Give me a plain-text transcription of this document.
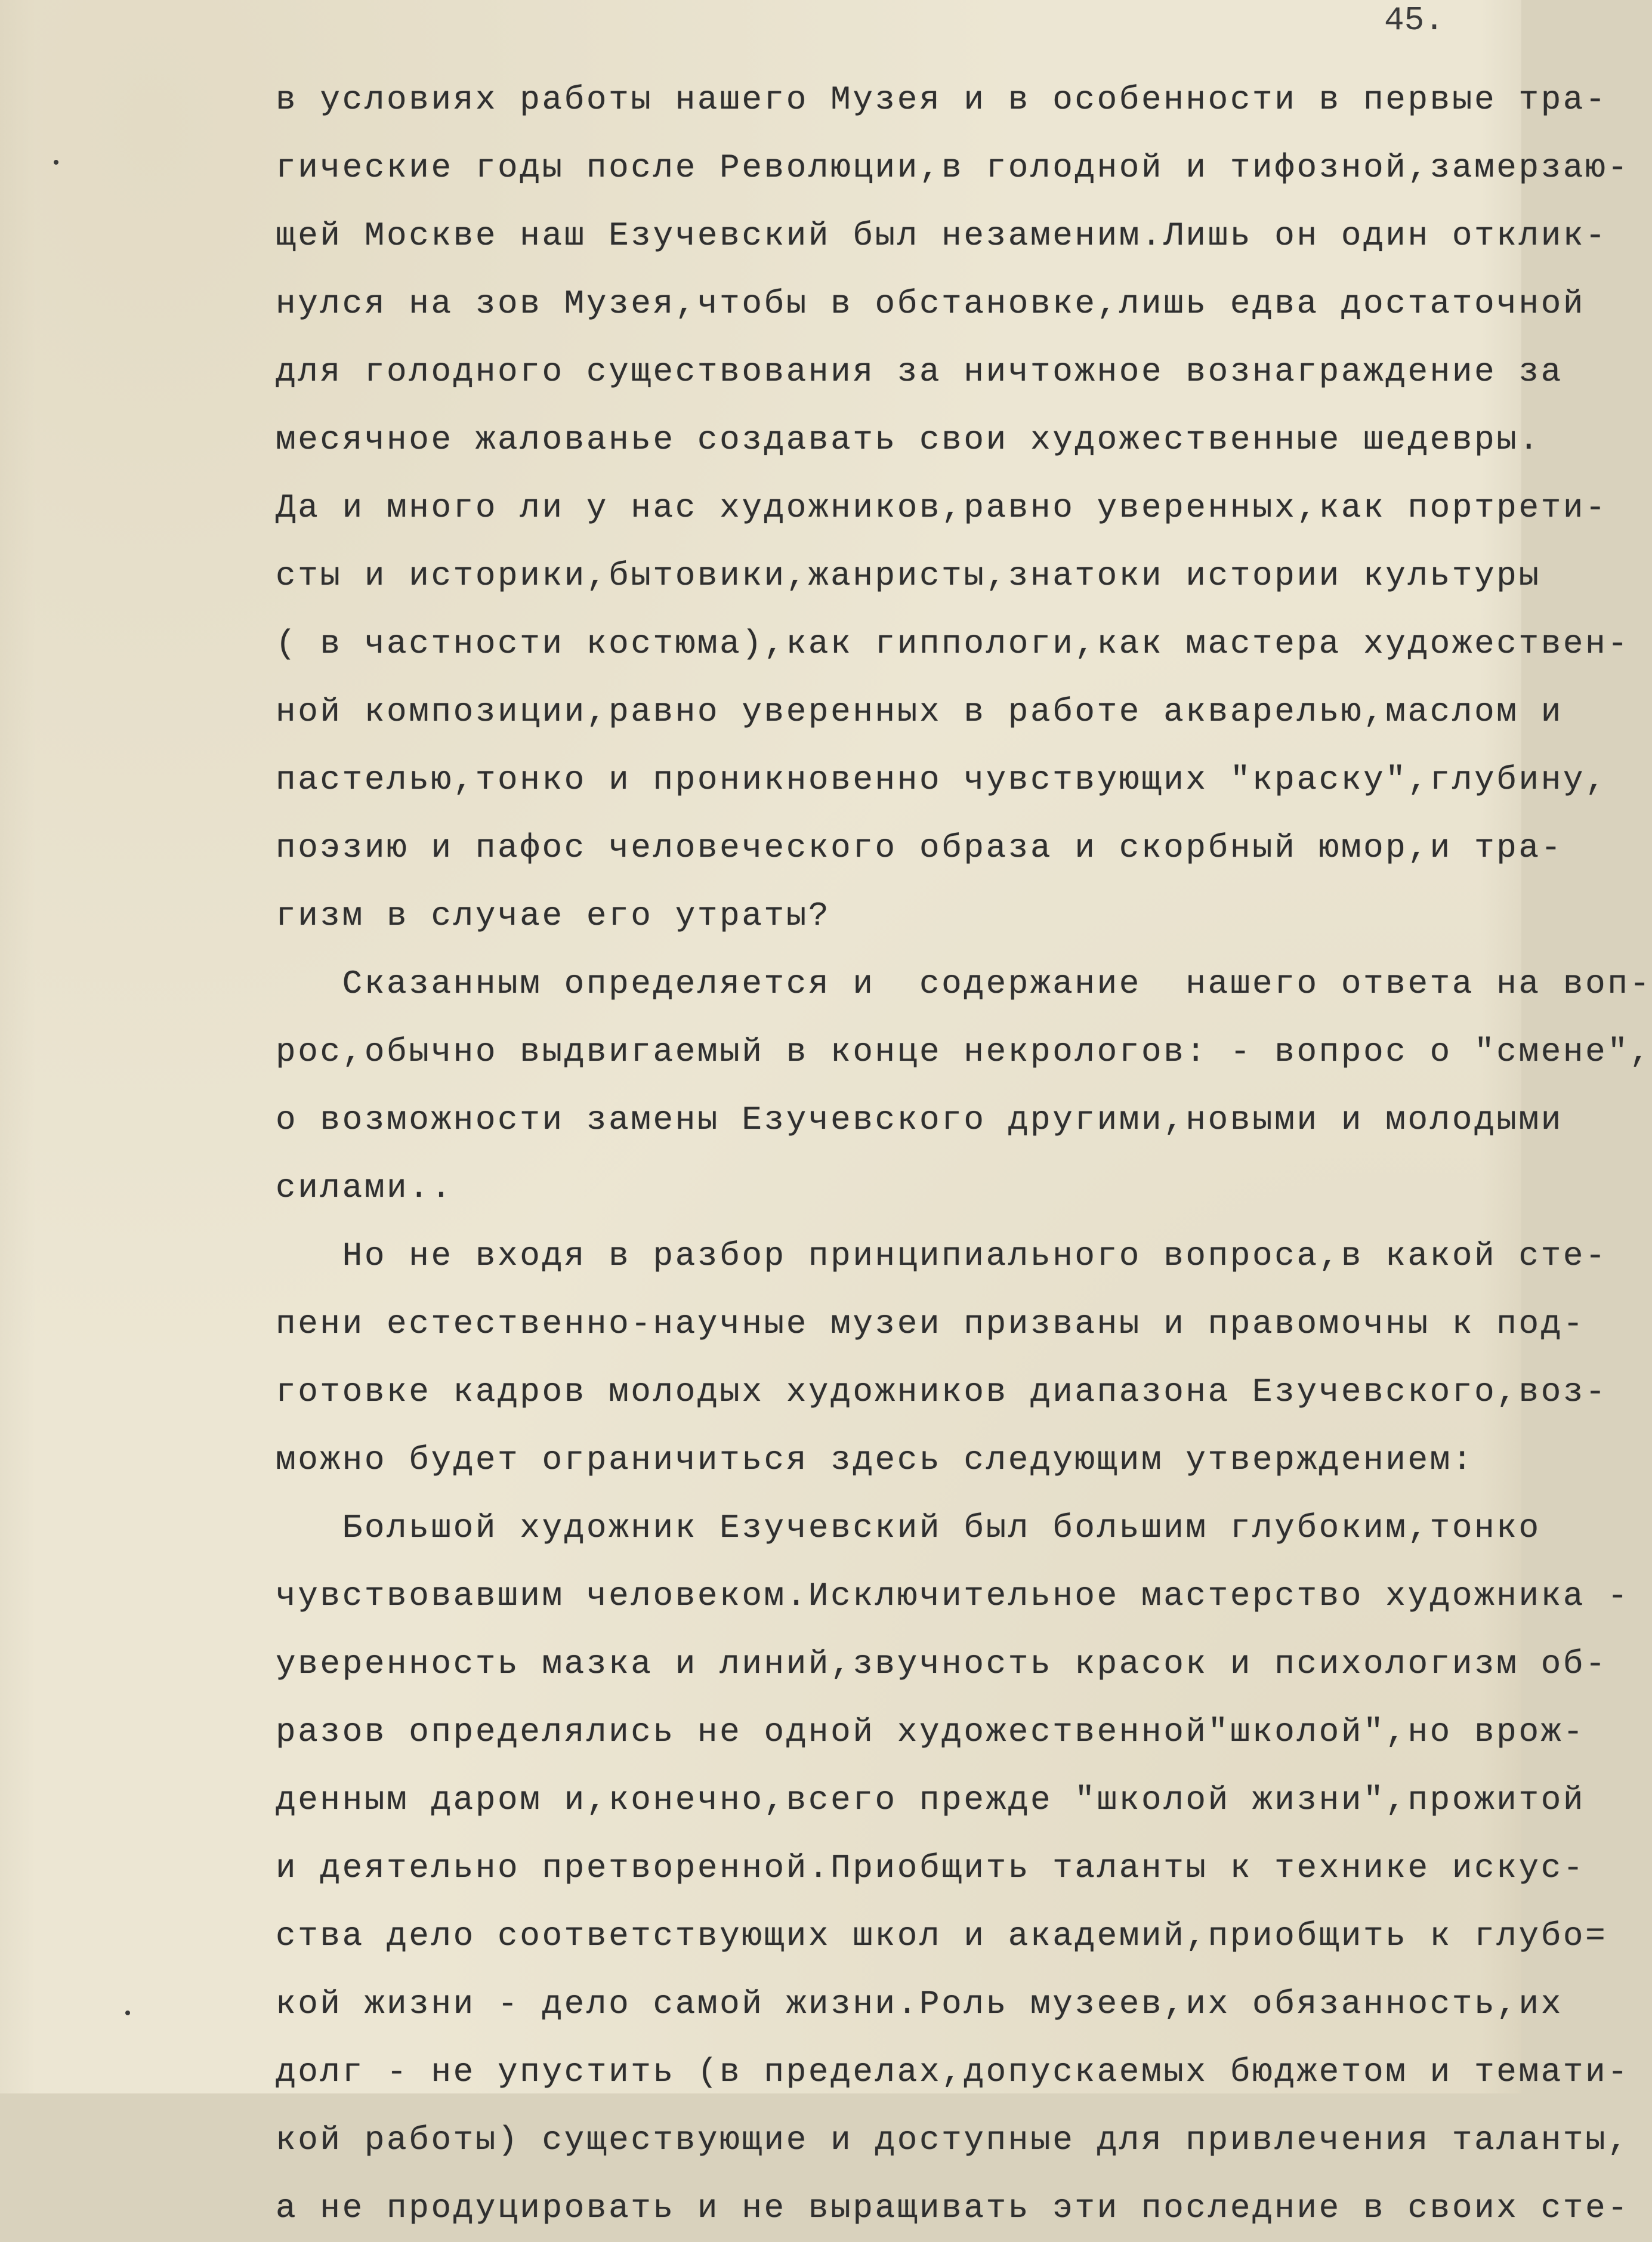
45.
в условиях работы нашего Музея и в особенности в первые тра-
гические годы после Революции,в голодной и тифозной,замерзаю-
щей Москве наш Езучевский был незаменим.Лишь он один отклик-
нулся на зов Музея,чтобы в обстановке,лишь едва достаточной
для голодного существования за ничтожное вознаграждение за
месячное жалованье создавать свои художественные шедевры.
Да и много ли у нас художников,равно уверенных,как портрети-
сты и историки,бытовики,жанристы,знатоки истории культуры
( в частности костюма),как гиппологи,как мастера художествен-
ной композиции,равно уверенных в работе акварелью,маслом и
пастелью,тонко и проникновенно чувствующих "краску",глубину,
поэзию и пафос человеческого образа и скорбный юмор,и тра-
гизм в случае его утраты?
Сказанным определяется и  содержание  нашего ответа на воп-
рос,обычно выдвигаемый в конце некрологов: - вопрос о "смене",
о возможности замены Езучевского другими,новыми и молодыми
силами..
Но не входя в разбор принципиального вопроса,в какой сте-
пени естественно-научные музеи призваны и правомочны к под-
готовке кадров молодых художников диапазона Езучевского,воз-
можно будет ограничиться здесь следующим утверждением:
Большой художник Езучевский был большим глубоким,тонко
чувствовавшим человеком.Исключительное мастерство художника -
уверенность мазка и линий,звучность красок и психологизм об-
разов определялись не одной художественной"школой",но врож-
денным даром и,конечно,всего прежде "школой жизни",прожитой
и деятельно претворенной.Приобщить таланты к технике искус-
ства дело соответствующих школ и академий,приобщить к глубо=
кой жизни - дело самой жизни.Роль музеев,их обязанность,их
долг - не упустить (в пределах,допускаемых бюджетом и темати-
кой работы) существующие и доступные для привлечения таланты,
а не продуцировать и не выращивать эти последние в своих сте-
